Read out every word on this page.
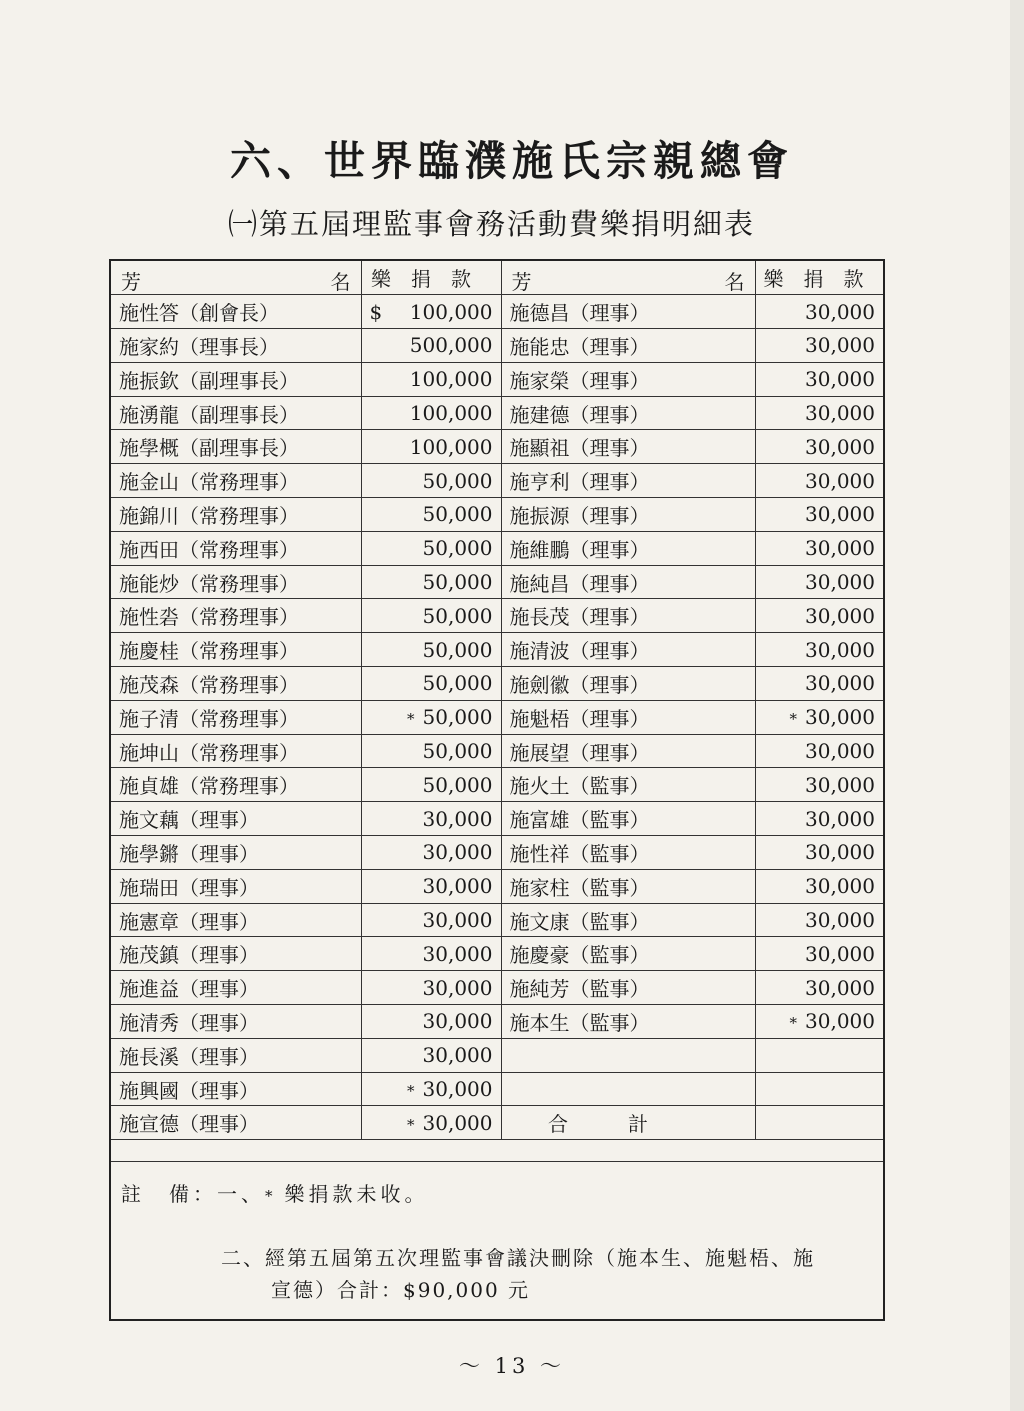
六、世界臨濮施氏宗親總會
㈠第五屆理監事會務活動費樂捐明細表
芳 名	樂捐款	芳 名	樂捐款
施性答（創會長）	$ 100,000	施德昌（理事）	30,000
施家約（理事長）	500,000	施能忠（理事）	30,000
施振欽（副理事長）	100,000	施家榮（理事）	30,000
施湧龍（副理事長）	100,000	施建德（理事）	30,000
施學概（副理事長）	100,000	施顯祖（理事）	30,000
施金山（常務理事）	50,000	施亨利（理事）	30,000
施錦川（常務理事）	50,000	施振源（理事）	30,000
施西田（常務理事）	50,000	施維鵬（理事）	30,000
施能炒（常務理事）	50,000	施純昌（理事）	30,000
施性沯（常務理事）	50,000	施長茂（理事）	30,000
施慶桂（常務理事）	50,000	施清波（理事）	30,000
施茂森（常務理事）	50,000	施劍徽（理事）	30,000
施子清（常務理事）	* 50,000	施魁梧（理事）	* 30,000
施坤山（常務理事）	50,000	施展望（理事）	30,000
施貞雄（常務理事）	50,000	施火土（監事）	30,000
施文藕（理事）	30,000	施富雄（監事）	30,000
施學鏘（理事）	30,000	施性祥（監事）	30,000
施瑞田（理事）	30,000	施家柱（監事）	30,000
施憲章（理事）	30,000	施文康（監事）	30,000
施茂鎮（理事）	30,000	施慶豪（監事）	30,000
施進益（理事）	30,000	施純芳（監事）	30,000
施清秀（理事）	30,000	施本生（監事）	* 30,000
施長溪（理事）	30,000		
施興國（理事）	* 30,000		
施宣德（理事）	* 30,000	合計	
註　備：一、* 樂捐款未收。
二、經第五屆第五次理監事會議決刪除（施本生、施魁梧、施
宣德）合計：$90,000 元
～ 13 ～
